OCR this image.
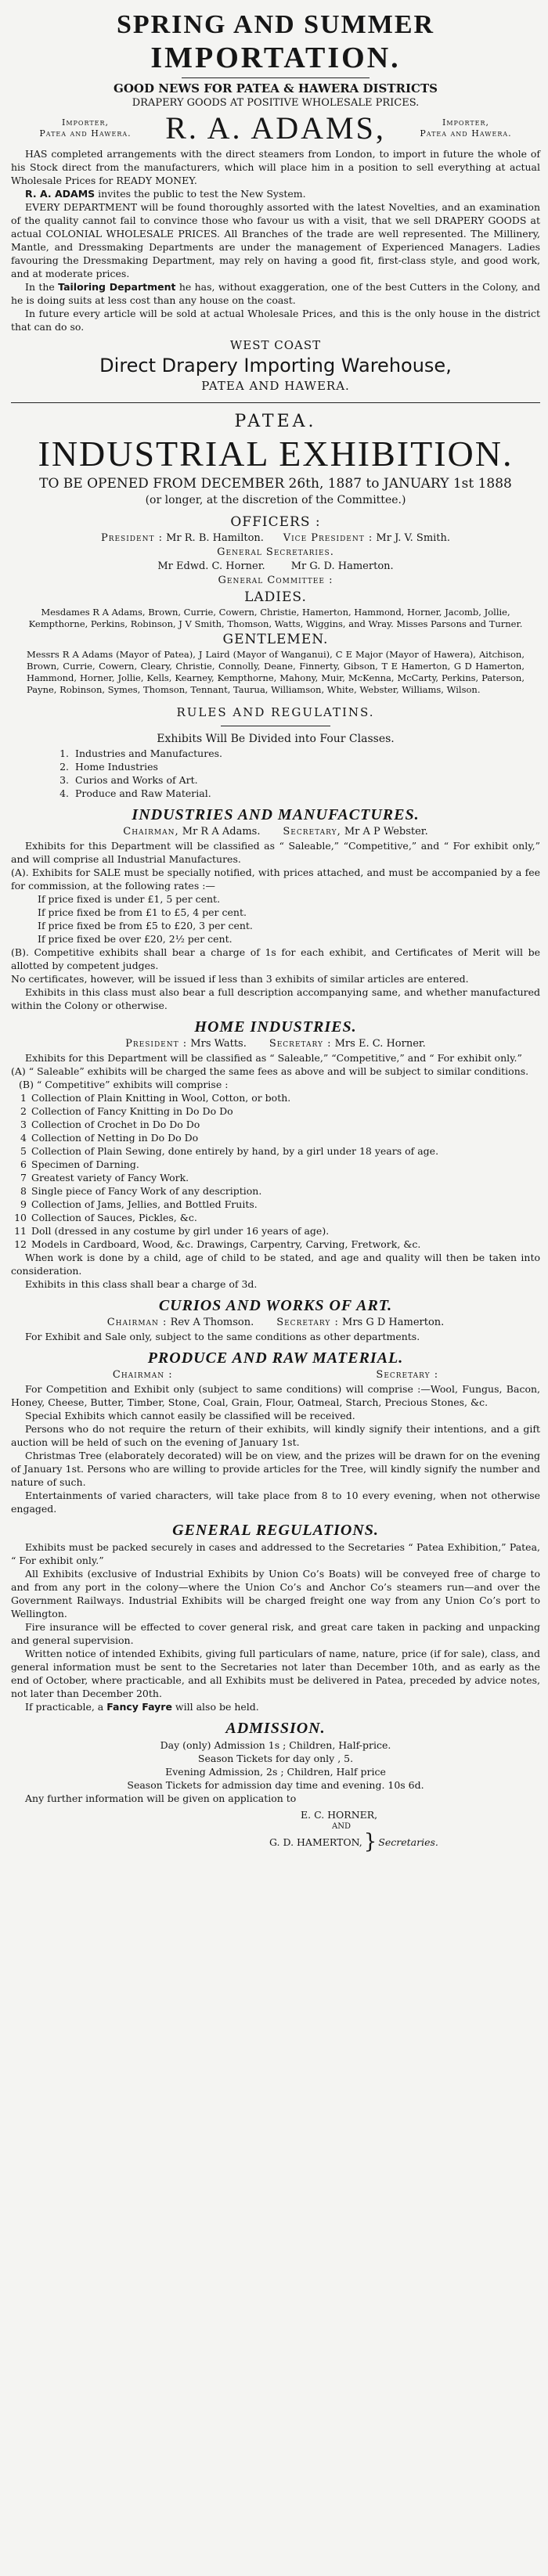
SPRING AND SUMMER
IMPORTATION.
GOOD NEWS FOR PATEA & HAWERA DISTRICTS
DRAPERY GOODS AT POSITIVE WHOLESALE PRICES.
Importer,
Patea and Hawera.	R. A. ADAMS,	Importer,
Patea and Hawera.

HAS completed arrangements with the direct steamers from London, to import in future the whole of his Stock direct from the manufacturers, which will place him in a position to sell everything at actual Wholesale Prices for READY MONEY.

R. A. ADAMS invites the public to test the New System.

EVERY DEPARTMENT will be found thoroughly assorted with the latest Novelties, and an examination of the quality cannot fail to convince those who favour us with a visit, that we sell DRAPERY GOODS at actual COLONIAL WHOLESALE PRICES. All Branches of the trade are well represented. The Millinery, Mantle, and Dressmaking Departments are under the management of Experienced Managers. Ladies favouring the Dressmaking Department, may rely on having a good fit, first-class style, and good work, and at moderate prices.

In the Tailoring Department he has, without exaggeration, one of the best Cutters in the Colony, and he is doing suits at less cost than any house on the coast.

In future every article will be sold at actual Wholesale Prices, and this is the only house in the district that can do so.

WEST COAST
Direct Drapery Importing Warehouse,
PATEA AND HAWERA.
PATEA.
INDUSTRIAL EXHIBITION.
TO BE OPENED FROM DECEMBER 26th, 1887 to JANUARY 1st 1888
(or longer, at the discretion of the Committee.)
OFFICERS :
President : Mr R. B. Hamilton. Vice President : Mr J. V. Smith.
General Secretaries.
Mr Edwd. C. Horner.	Mr G. D. Hamerton.
General Committee :
LADIES.

Mesdames R A Adams, Brown, Currie, Cowern, Christie, Hamerton, Hammond, Horner, Jacomb, Jollie, Kempthorne, Perkins, Robinson, J V Smith, Thomson, Watts, Wiggins, and Wray. Misses Parsons and Turner.

GENTLEMEN.

Messrs R A Adams (Mayor of Patea), J Laird (Mayor of Wanganui), C E Major (Mayor of Hawera), Aitchison, Brown, Currie, Cowern, Cleary, Christie, Connolly, Deane, Finnerty, Gibson, T E Hamerton, G D Hamerton, Hammond, Horner, Jollie, Kells, Kearney, Kempthorne, Mahony, Muir, McKenna, McCarty, Perkins, Paterson, Payne, Robinson, Symes, Thomson, Tennant, Taurua, Williamson, White, Webster, Williams, Wilson.

RULES AND REGULATINS.
Exhibits Will Be Divided into Four Classes.
1. Industries and Manufactures.
2. Home Industries
3. Curios and Works of Art.
4. Produce and Raw Material.
INDUSTRIES AND MANUFACTURES.
Chairman, Mr R A Adams. Secretary, Mr A P Webster.

Exhibits for this Department will be classified as “ Saleable,” “Competitive,” and “ For exhibit only,” and will comprise all Industrial Manufactures.

(A). Exhibits for SALE must be specially notified, with prices attached, and must be accompanied by a fee for commission, at the following rates :—

If price fixed is under £1, 5 per cent.
If price fixed be from £1 to £5, 4 per cent.
If price fixed be from £5 to £20, 3 per cent.
If price fixed be over £20, 2½ per cent.

(B). Competitive exhibits shall bear a charge of 1s for each exhibit, and Certificates of Merit will be allotted by competent judges.

No certificates, however, will be issued if less than 3 exhibits of similar articles are entered.

Exhibits in this class must also bear a full description accompanying same, and whether manufactured within the Colony or otherwise.

HOME INDUSTRIES.
President : Mrs Watts. Secretary : Mrs E. C. Horner.

Exhibits for this Department will be classified as “ Saleable,” “Competitive,” and “ For exhibit only.”

(A) “ Saleable” exhibits will be charged the same fees as above and will be subject to similar conditions.

(B) “ Competitive” exhibits will comprise :

1 Collection of Plain Knitting in Wool, Cotton, or both.
2 Collection of Fancy Knitting in Do Do Do
3 Collection of Crochet in Do Do Do
4 Collection of Netting in Do Do Do
5 Collection of Plain Sewing, done entirely by hand, by a girl under 18 years of age.
6 Specimen of Darning.
7 Greatest variety of Fancy Work.
8 Single piece of Fancy Work of any description.
9 Collection of Jams, Jellies, and Bottled Fruits.
10 Collection of Sauces, Pickles, &c.
11 Doll (dressed in any costume by girl under 16 years of age).
12 Models in Cardboard, Wood, &c. Drawings, Carpentry, Carving, Fretwork, &c.

When work is done by a child, age of child to be stated, and age and quality will then be taken into consideration.

Exhibits in this class shall bear a charge of 3d.

CURIOS AND WORKS OF ART.
Chairman : Rev A Thomson. Secretary : Mrs G D Hamerton.

For Exhibit and Sale only, subject to the same conditions as other departments.

PRODUCE AND RAW MATERIAL.
Chairman :	Secretary :

For Competition and Exhibit only (subject to same conditions) will comprise :—Wool, Fungus, Bacon, Honey, Cheese, Butter, Timber, Stone, Coal, Grain, Flour, Oatmeal, Starch, Precious Stones, &c.

Special Exhibits which cannot easily be classified will be received.

Persons who do not require the return of their exhibits, will kindly signify their intentions, and a gift auction will be held of such on the evening of January 1st.

Christmas Tree (elaborately decorated) will be on view, and the prizes will be drawn for on the evening of January 1st. Persons who are willing to provide articles for the Tree, will kindly signify the number and nature of such.

Entertainments of varied characters, will take place from 8 to 10 every evening, when not otherwise engaged.

GENERAL REGULATIONS.

Exhibits must be packed securely in cases and addressed to the Secretaries “ Patea Exhibition,” Patea, “ For exhibit only.”

All Exhibits (exclusive of Industrial Exhibits by Union Co’s Boats) will be conveyed free of charge to and from any port in the colony—where the Union Co’s and Anchor Co’s steamers run—and over the Government Railways. Industrial Exhibits will be charged freight one way from any Union Co’s port to Wellington.

Fire insurance will be effected to cover general risk, and great care taken in packing and unpacking and general supervision.

Written notice of intended Exhibits, giving full particulars of name, nature, price (if for sale), class, and general information must be sent to the Secretaries not later than December 10th, and as early as the end of October, where practicable, and all Exhibits must be delivered in Patea, preceded by advice notes, not later than December 20th.

If practicable, a Fancy Fayre will also be held.

ADMISSION.
Day (only) Admission 1s ; Children, Half-price.
Season Tickets for day only , 5.
Evening Admission, 2s ; Children, Half price
Season Tickets for admission day time and evening. 10s 6d.

Any further information will be given on application to

E. C. HORNER,
AND
G. D. HAMERTON, } Secretaries.
